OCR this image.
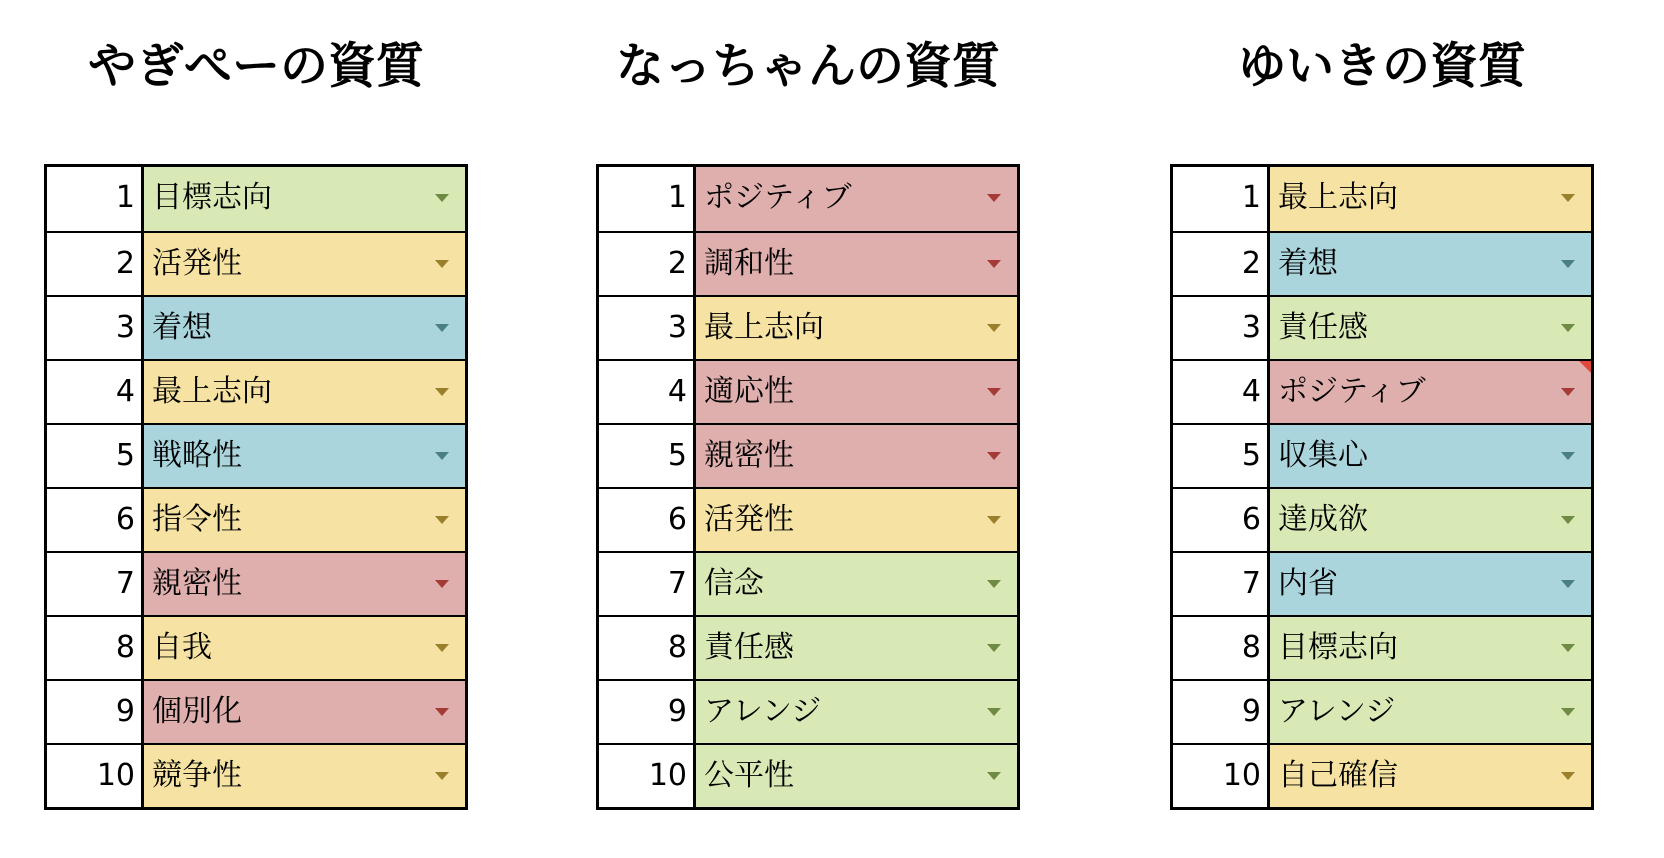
やぎぺーの資質
1 目標志向
2 活発性
3 着想
4 最上志向
5 戦略性
6 指令性
7 親密性
8 自我
9 個別化
10 競争性
なっちゃんの資質
1 ポジティブ
2 調和性
3 最上志向
4 適応性
5 親密性
6 活発性
7 信念
8 責任感
9 アレンジ
10 公平性
ゆいきの資質
1 最上志向
2 着想
3 責任感
4 ポジティブ
5 収集心
6 達成欲
7 内省
8 目標志向
9 アレンジ
10 自己確信
